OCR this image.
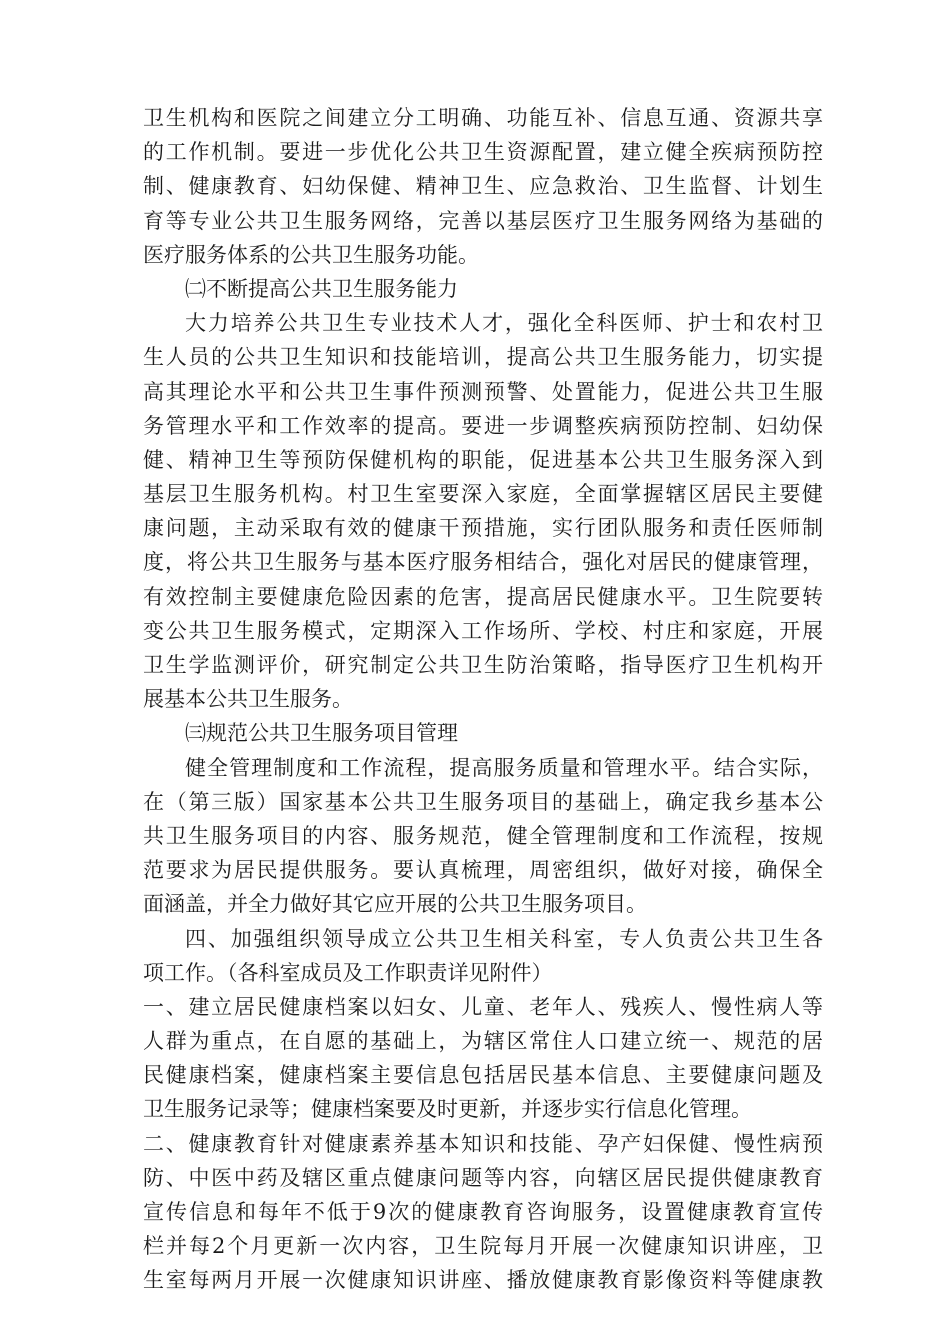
卫生机构和医院之间建立分工明确、功能互补、信息互通、资源共享
的工作机制。要进一步优化公共卫生资源配置，建立健全疾病预防控
制、健康教育、妇幼保健、精神卫生、应急救治、卫生监督、计划生
育等专业公共卫生服务网络，完善以基层医疗卫生服务网络为基础的
医疗服务体系的公共卫生服务功能。
㈡不断提高公共卫生服务能力
大力培养公共卫生专业技术人才，强化全科医师、护士和农村卫
生人员的公共卫生知识和技能培训，提高公共卫生服务能力，切实提
高其理论水平和公共卫生事件预测预警、处置能力，促进公共卫生服
务管理水平和工作效率的提高。要进一步调整疾病预防控制、妇幼保
健、精神卫生等预防保健机构的职能，促进基本公共卫生服务深入到
基层卫生服务机构。村卫生室要深入家庭，全面掌握辖区居民主要健
康问题，主动采取有效的健康干预措施，实行团队服务和责任医师制
度，将公共卫生服务与基本医疗服务相结合，强化对居民的健康管理，
有效控制主要健康危险因素的危害，提高居民健康水平。卫生院要转
变公共卫生服务模式，定期深入工作场所、学校、村庄和家庭，开展
卫生学监测评价，研究制定公共卫生防治策略，指导医疗卫生机构开
展基本公共卫生服务。
㈢规范公共卫生服务项目管理
健全管理制度和工作流程，提高服务质量和管理水平。结合实际，
在（第三版）国家基本公共卫生服务项目的基础上，确定我乡基本公
共卫生服务项目的内容、服务规范，健全管理制度和工作流程，按规
范要求为居民提供服务。要认真梳理，周密组织，做好对接，确保全
面涵盖，并全力做好其它应开展的公共卫生服务项目。
四、加强组织领导成立公共卫生相关科室，专人负责公共卫生各
项工作。（各科室成员及工作职责详见附件）
一、建立居民健康档案以妇女、儿童、老年人、残疾人、慢性病人等
人群为重点，在自愿的基础上，为辖区常住人口建立统一、规范的居
民健康档案，健康档案主要信息包括居民基本信息、主要健康问题及
卫生服务记录等；健康档案要及时更新，并逐步实行信息化管理。
二、健康教育针对健康素养基本知识和技能、孕产妇保健、慢性病预
防、中医中药及辖区重点健康问题等内容，向辖区居民提供健康教育
宣传信息和每年不低于9次的健康教育咨询服务，设置健康教育宣传
栏并每2个月更新一次内容，卫生院每月开展一次健康知识讲座，卫
生室每两月开展一次健康知识讲座、播放健康教育影像资料等健康教
